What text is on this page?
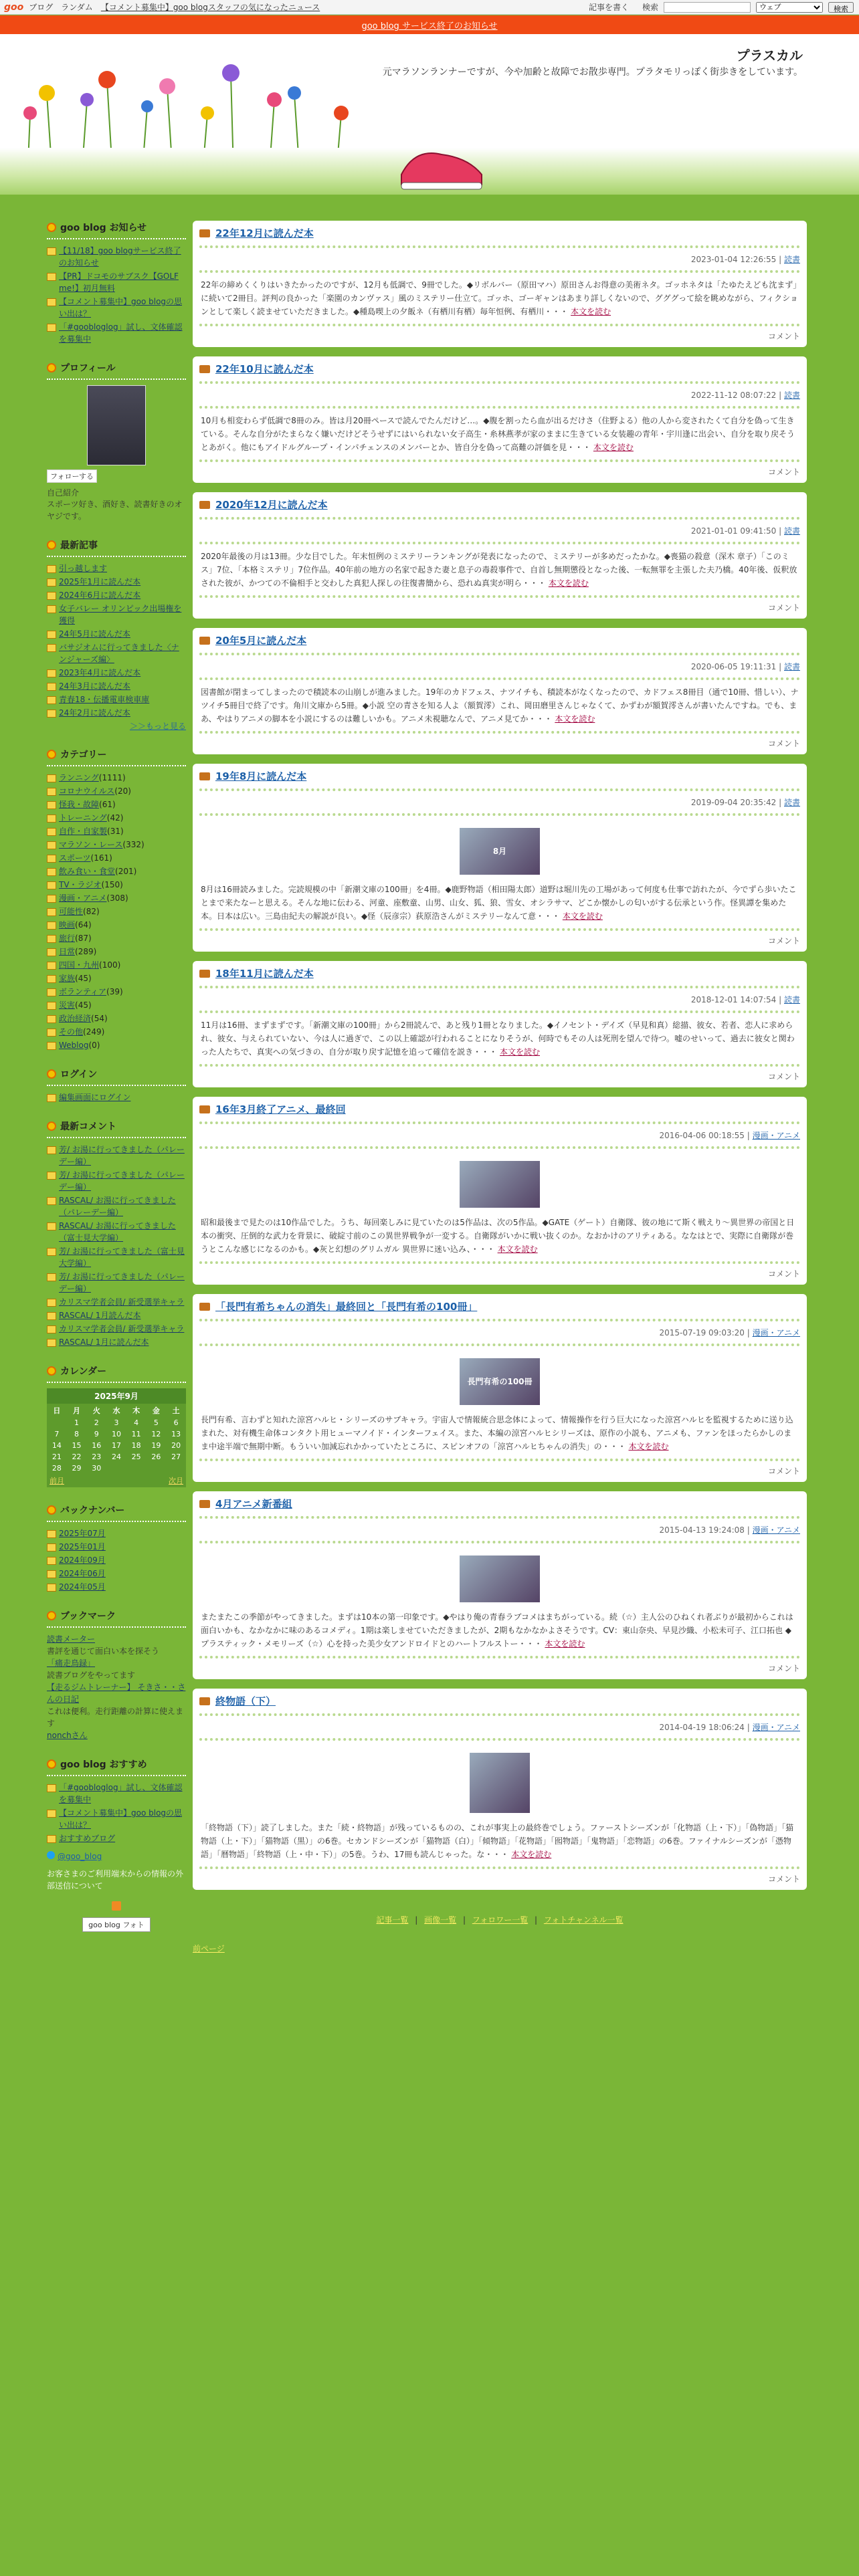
goo ブログ ランダム 【コメント募集中】goo blogスタッフの気になったニュース	記事を書く 検索
ウェブ	検索
goo blog サービス終了のお知らせ
プラスカル
元マラソンランナーですが、今や加齢と故障でお散歩専門。プラタモリっぽく街歩きをしています。
goo blog お知らせ
【11/18】goo blogサービス終了のお知らせ
【PR】ドコモのサブスク【GOLF me!】初月無料
【コメント募集中】goo blogの思い出は？
「#goobloglog」試し、文体確認を募集中
プロフィール
フォローする
自己紹介
スポーツ好き、酒好き、読書好きのオヤジです。
最新記事
引っ越します
2025年1月に読んだ本
2024年6月に読んだ本
女子バレー オリンピック出場権を獲得
24年5月に読んだ本
バサジオムに行ってきました〈ナンジャーズ編〉
2023年4月に読んだ本
24年3月に読んだ本
青春18・伝播電車検車庫
24年2月に読んだ本
＞＞もっと見る
カテゴリー
ランニング(1111)
コロナウイルス(20)
怪我・故障(61)
トレーニング(42)
自作・自家製(31)
マラソン・レース(332)
スポーツ(161)
飲み食い・食堂(201)
TV・ラジオ(150)
漫画・アニメ(308)
可能性(82)
映画(64)
旅行(87)
日常(289)
四国・九州(100)
家族(45)
ボランティア(39)
災害(45)
政治経済(54)
その他(249)
Weblog(0)
ログイン
編集画面にログイン
最新コメント
芳/ お湯に行ってきました（パレーデー編）
芳/ お湯に行ってきました（パレーデー編）
RASCAL/ お湯に行ってきました（パレーデー編）
RASCAL/ お湯に行ってきました（富士見大学編）
芳/ お湯に行ってきました（富士見大学編）
芳/ お湯に行ってきました（パレーデー編）
カリスマ学者会員/ 新受選挙キャラ
RASCAL/ 1月読んだ本
カリスマ学者会員/ 新受選挙キャラ
RASCAL/ 1月に読んだ本
カレンダー
2025年9月
日	月	火	水	木	金	土
	1	2	3	4	5	6
7	8	9	10	11	12	13
14	15	16	17	18	19	20
21	22	23	24	25	26	27
28	29	30				
前月	次月
バックナンバー
2025年07月
2025年01月
2024年09月
2024年06月
2024年05月
ブックマーク
読書メーター
書評を通じて面白い本を探そう
「痛走鳥録」
読書ブログをやってます
【走るジムトレーナー】 そきさ・・さんの日記
これは便利。走行距離の計算に使えます
nonchさん
goo blog おすすめ
「#goobloglog」試し、文体確認を募集中
【コメント募集中】goo blogの思い出は？
おすすめブログ
@goo_blog
お客さまのご利用端末からの情報の外部送信について
goo blog フォト
22年12月に読んだ本
2023-01-04 12:26:55 | 読書
22年の締めくくりはいきたかったのですが、12月も低調で、9冊でした。◆リボルバー（原田マハ）原田さんお得意の美術ネタ。ゴッホネタは「たゆたえども沈まず」に続いて2冊目。評判の良かった「楽園のカンヴァス」風のミステリー仕立て。ゴッホ、ゴーギャンはあまり詳しくないので、グググって絵を眺めながら、フィクションとして楽しく読ませていただきました。◆種島喫上の夕飯ネ（有栖川有栖）毎年恒例、有栖川・・・ 本文を読む
コメント
22年10月に読んだ本
2022-11-12 08:07:22 | 読書
10月も相変わらず低調で8冊のみ。皆は月20冊ペースで読んでたんだけど…。◆腹を割ったら血が出るだけさ（住野よる）他の人から変されたくて自分を偽って生きている。そんな自分がたまらなく嫌いだけどそうせずにはいられない女子高生・糸林燕孝が家のままに生きている女装趣の青年・宇川逢に出会い、自分を取り戻そうとあがく。他にもアイドルグループ・インパチェンスのメンバーとか、皆自分を偽って高難の評価を見・・・ 本文を読む
コメント
2020年12月に読んだ本
2021-01-01 09:41:50 | 読書
2020年最後の月は13冊。少な目でした。年末恒例のミステリーランキングが発表になったので、ミステリーが多めだったかな。◆喪猫の殺意（深木 章子）「このミス」7位、「本格ミステリ」7位作品。40年前の地方の名家で起きた妻と息子の毒殺事件で、自首し無期懲役となった後、一転無罪を主張した夫乃橋。40年後、仮釈放された彼が、かつての不倫相手と交わした真犯人探しの往復書簡から、恐れぬ真実が明ら・・・ 本文を読む
コメント
20年5月に読んだ本
2020-06-05 19:11:31 | 読書
図書館が閉まってしまったので積読本の山崩しが進みました。19年のカドフェス、ナツイチも、積読本がなくなったので、カドフェス8冊目（通で10冊、惜しい）、ナツイチ5冊目で終了です。角川文庫から5冊。◆小説 空の青さを知る人よ（額賀澪）これ、岡田磨里さんじゃなくて、かずわが額賀澪さんが書いたんですね。でも、まあ、やはりアニメの脚本を小説にするのは難しいかも。アニメ未視聴なんで、アニメ見てか・・・ 本文を読む
コメント
19年8月に読んだ本
2019-09-04 20:35:42 | 読書
8月
8月は16冊読みました。完読規模の中「新潮文庫の100冊」を4冊。◆鹿野物語（相田陽太郎）道野は堀川先の工場があって何度も仕事で訪れたが、今でずら歩いたことまで来たなーと思える。そんな地に伝わる、河童、座敷童、山男、山女、狐、狼、雪女、オシラサマ、どこか懐かしの匂いがする伝承という作。怪異譚を集めた本。日本は広い。三島由紀夫の解説が良い。◆怪（辰彦宗）荻原浩さんがミステリーなんて意・・・ 本文を読む
コメント
18年11月に読んだ本
2018-12-01 14:07:54 | 読書
11月は16冊、まずまずです。「新潮文庫の100冊」から2冊読んで、あと残り1冊となりました。◆イノセント・デイズ（早見和真）総描、彼女、若者、恋人に求められ、彼女、与えられていない、今は人に過ぎで、この以上確認が行われることになりそうが、何時でもその人は死刑を望んで待つ。嘘のせいって、過去に彼女と関わった人たちで、真実への気づきの、自分が取り戻す記憶を追って確信を説き・・・ 本文を読む
コメント
16年3月終了アニメ、最終回
2016-04-06 00:18:55 | 漫画・アニメ
昭和最後まで見たのは10作品でした。うち、毎回楽しみに見ていたのは5作品は、次の5作品。◆GATE（ゲート）自衛隊、彼の地にて斯く戦えり〜異世界の帝国と日本の衝突、圧倒的な武力を背景に、破綻寸前のこの異世界戦争が一変する。自衛隊がいかに戦い抜くのか。なおかけのアリティある。ななはとで、実際に自衛隊が巻うとこんな感じになるのかも。◆灰と幻想のグリムガル 異世界に迷い込み、・・・ 本文を読む
コメント
「長門有希ちゃんの消失」最終回と「長門有希の100冊」
2015-07-19 09:03:20 | 漫画・アニメ
長門有希の100冊
長門有希、言わずと知れた涼宮ハルヒ・シリーズのサブキャラ。宇宙人で情報統合思念体によって、情報操作を行う巨大になった涼宮ハルヒを監視するために送り込まれた、対有機生命体コンタクト用ヒューマノイド・インターフェイス。また、本編の涼宮ハルヒシリーズは、原作の小説も、アニメも、ファンをほったらかしのまま中途半端で無期中断。もういい加減忘れかかっていたところに、スピンオフの「涼宮ハルヒちゃんの消失」の・・・ 本文を読む
コメント
4月アニメ新番組
2015-04-13 19:24:08 | 漫画・アニメ
またまたこの季節がやってきました。まずは10本の第一印象です。◆やはり俺の青春ラブコメはまちがっている。続（☆）主人公のひねくれ者ぶりが最初からこれは面白いかも、なかなかに味のあるコメディ。1期は楽しませていただきましたが、2期もなかなかよさそうです。CV：東山奈央、早見沙織、小松未可子、江口拓也 ◆プラスティック・メモリーズ（☆）心を持った美少女アンドロイドとのハートフルストー・・・ 本文を読む
コメント
終物語（下）
2014-04-19 18:06:24 | 漫画・アニメ
「終物語（下）」読了しました。また「続・終物語」が残っているものの、これが事実上の最終巻でしょう。ファーストシーズンが「化物語（上・下）」「偽物語」「猫物語（上・下）」「猫物語（黒）」の6巻。セカンドシーズンが「猫物語（白）」「傾物語」「花物語」「囮物語」「鬼物語」「恋物語」の6巻。ファイナルシーズンが「憑物語」「暦物語」「終物語（上・中・下）」の5巻。うわ、17冊も読んじゃった。な・・・ 本文を読む
コメント
記事一覧 | 画像一覧 | フォロワー一覧 | フォトチャンネル一覧
前ページ
